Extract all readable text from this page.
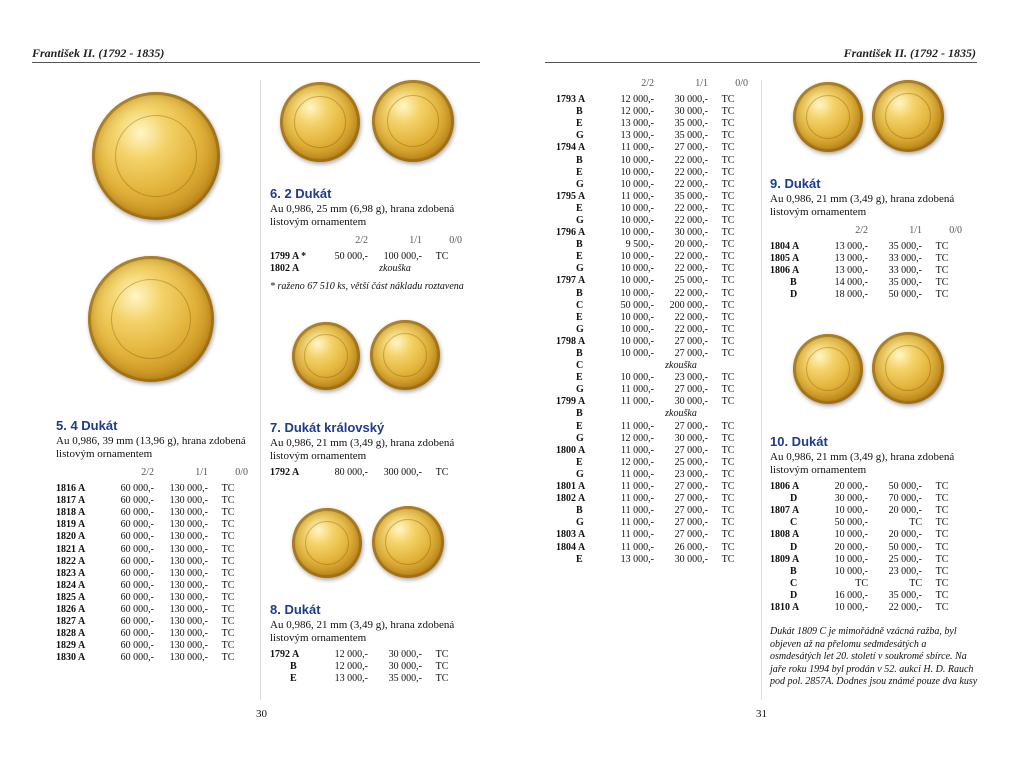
František II. (1792 - 1835)	František II. (1792 - 1835)
5. 4 Dukát

Au 0,986, 39 mm (13,96 g), hrana zdobená listovým ornamentem

	2/2	1/1	0/0
1816 A	60 000,-	130 000,-	TC
1817 A	60 000,-	130 000,-	TC
1818 A	60 000,-	130 000,-	TC
1819 A	60 000,-	130 000,-	TC
1820 A	60 000,-	130 000,-	TC
1821 A	60 000,-	130 000,-	TC
1822 A	60 000,-	130 000,-	TC
1823 A	60 000,-	130 000,-	TC
1824 A	60 000,-	130 000,-	TC
1825 A	60 000,-	130 000,-	TC
1826 A	60 000,-	130 000,-	TC
1827 A	60 000,-	130 000,-	TC
1828 A	60 000,-	130 000,-	TC
1829 A	60 000,-	130 000,-	TC
1830 A	60 000,-	130 000,-	TC
6. 2 Dukát

Au 0,986, 25 mm (6,98 g), hrana zdobená listovým ornamentem

	2/2	1/1	0/0
1799 A *	50 000,-	100 000,-	TC
1802 A		zkouška	
* raženo 67 510 ks, větší část nákladu roztavena
7. Dukát královský

Au 0,986, 21 mm (3,49 g), hrana zdobená listovým ornamentem

1792 A	80 000,-	300 000,-	TC
8. Dukát

Au 0,986, 21 mm (3,49 g), hrana zdobená listovým ornamentem

1792 A	12 000,-	30 000,-	TC
B	12 000,-	30 000,-	TC
E	13 000,-	35 000,-	TC
	2/2	1/1	0/0
1793 A	12 000,-	30 000,-	TC
B	12 000,-	30 000,-	TC
E	13 000,-	35 000,-	TC
G	13 000,-	35 000,-	TC
1794 A	11 000,-	27 000,-	TC
B	10 000,-	22 000,-	TC
E	10 000,-	22 000,-	TC
G	10 000,-	22 000,-	TC
1795 A	11 000,-	35 000,-	TC
E	10 000,-	22 000,-	TC
G	10 000,-	22 000,-	TC
1796 A	10 000,-	30 000,-	TC
B	9 500,-	20 000,-	TC
E	10 000,-	22 000,-	TC
G	10 000,-	22 000,-	TC
1797 A	10 000,-	25 000,-	TC
B	10 000,-	22 000,-	TC
C	50 000,-	200 000,-	TC
E	10 000,-	22 000,-	TC
G	10 000,-	22 000,-	TC
1798 A	10 000,-	27 000,-	TC
B	10 000,-	27 000,-	TC
C		zkouška	
E	10 000,-	23 000,-	TC
G	11 000,-	27 000,-	TC
1799 A	11 000,-	30 000,-	TC
B		zkouška	
E	11 000,-	27 000,-	TC
G	12 000,-	30 000,-	TC
1800 A	11 000,-	27 000,-	TC
E	12 000,-	25 000,-	TC
G	11 000,-	23 000,-	TC
1801 A	11 000,-	27 000,-	TC
1802 A	11 000,-	27 000,-	TC
B	11 000,-	27 000,-	TC
G	11 000,-	27 000,-	TC
1803 A	11 000,-	27 000,-	TC
1804 A	11 000,-	26 000,-	TC
E	13 000,-	30 000,-	TC
9. Dukát

Au 0,986, 21 mm (3,49 g), hrana zdobená listovým ornamentem

	2/2	1/1	0/0
1804 A	13 000,-	35 000,-	TC
1805 A	13 000,-	33 000,-	TC
1806 A	13 000,-	33 000,-	TC
B	14 000,-	35 000,-	TC
D	18 000,-	50 000,-	TC
10. Dukát

Au 0,986, 21 mm (3,49 g), hrana zdobená listovým ornamentem

1806 A	20 000,-	50 000,-	TC
D	30 000,-	70 000,-	TC
1807 A	10 000,-	20 000,-	TC
C	50 000,-	TC	TC
1808 A	10 000,-	20 000,-	TC
D	20 000,-	50 000,-	TC
1809 A	10 000,-	25 000,-	TC
B	10 000,-	23 000,-	TC
C	TC	TC	TC
D	16 000,-	35 000,-	TC
1810 A	10 000,-	22 000,-	TC
Dukát 1809 C je mimořádně vzácná ražba, byl objeven až na přelomu sedmdesátých a osmdesátých let 20. století v soukromé sbírce. Na jaře roku 1994 byl prodán v 52. aukci H. D. Rauch pod pol. 2857A. Dodnes jsou známé pouze dva kusy
30	31
